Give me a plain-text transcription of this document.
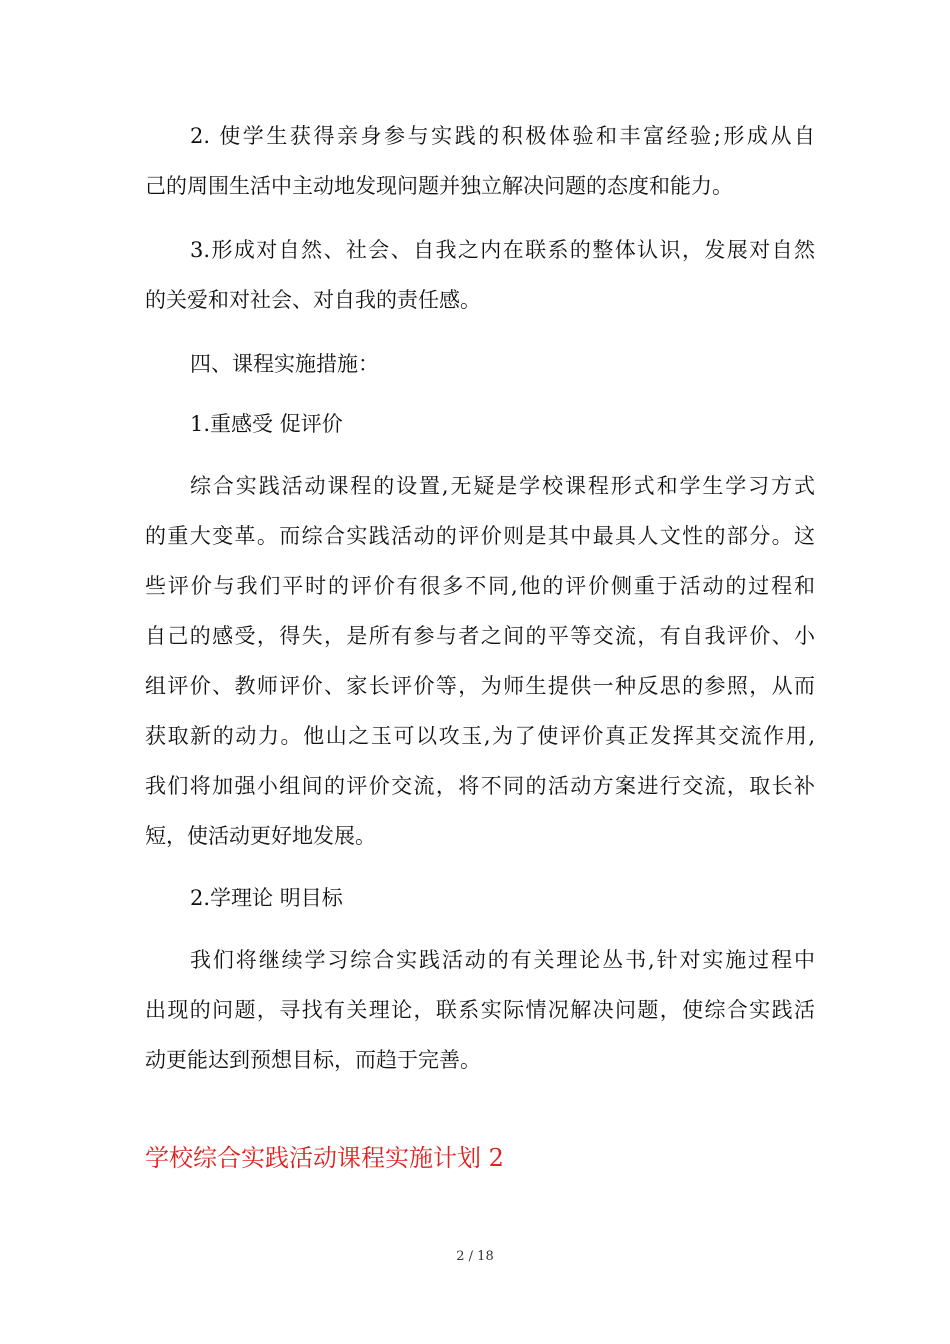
2. 使学生获得亲身参与实践的积极体验和丰富经验;形成从自
己的周围生活中主动地发现问题并独立解决问题的态度和能力。
3.形成对自然、社会、自我之内在联系的整体认识，发展对自然
的关爱和对社会、对自我的责任感。
四、课程实施措施：
1.重感受 促评价
综合实践活动课程的设置,无疑是学校课程形式和学生学习方式
的重大变革。而综合实践活动的评价则是其中最具人文性的部分。这
些评价与我们平时的评价有很多不同,他的评价侧重于活动的过程和
自己的感受，得失，是所有参与者之间的平等交流，有自我评价、小
组评价、教师评价、家长评价等，为师生提供一种反思的参照，从而
获取新的动力。他山之玉可以攻玉,为了使评价真正发挥其交流作用,
我们将加强小组间的评价交流，将不同的活动方案进行交流，取长补
短，使活动更好地发展。
2.学理论 明目标
我们将继续学习综合实践活动的有关理论丛书,针对实施过程中
出现的问题，寻找有关理论，联系实际情况解决问题，使综合实践活
动更能达到预想目标，而趋于完善。
学校综合实践活动课程实施计划 2
2 / 18
